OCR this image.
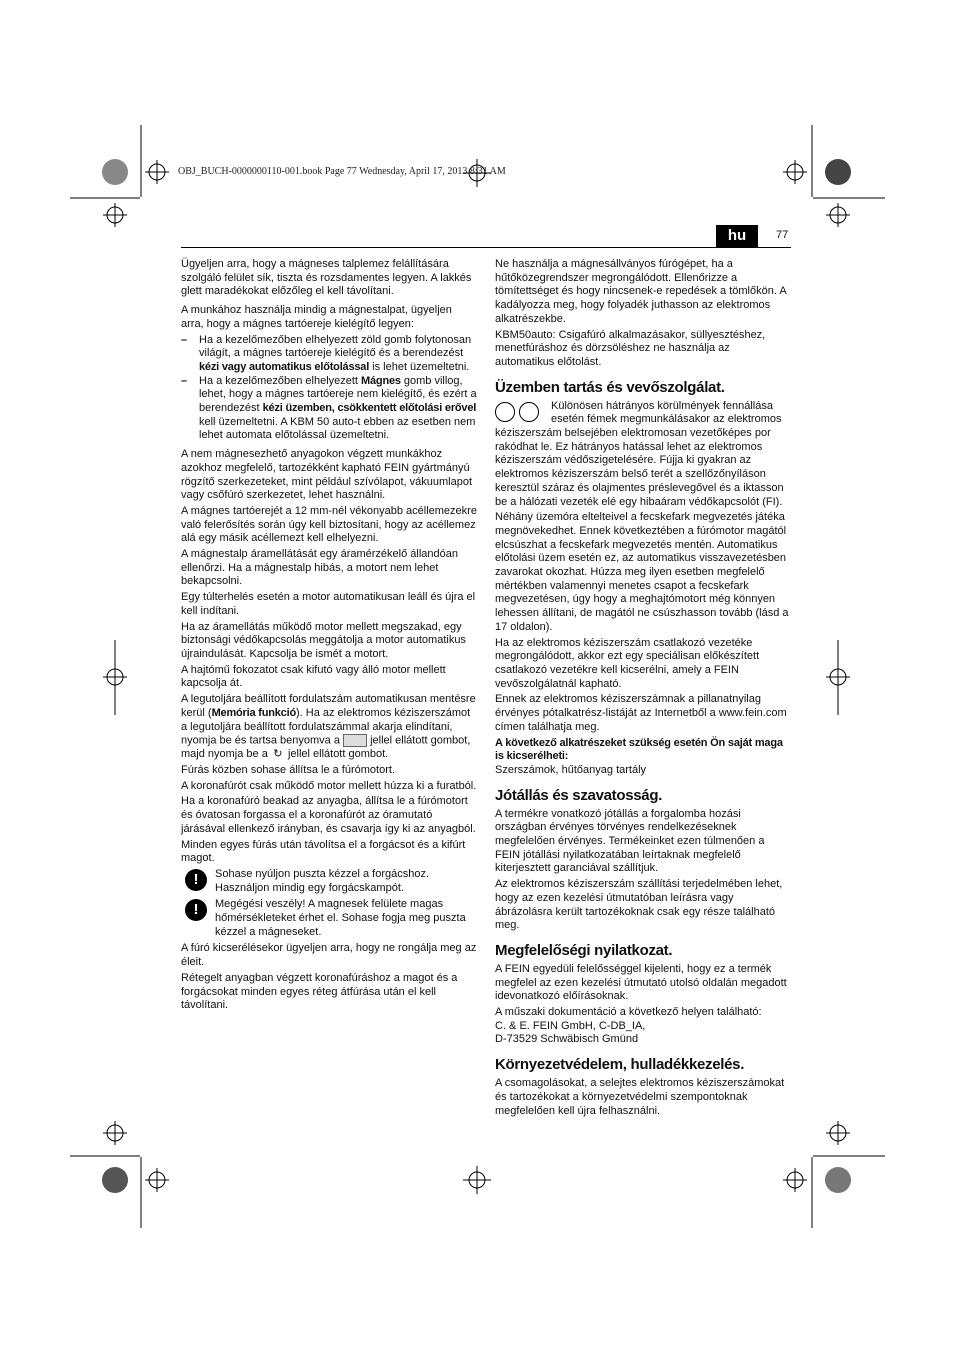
OBJ_BUCH-0000000110-001.book Page 77 Wednesday, April 17, 2013 8:31 AM
hu	77

Ügyeljen arra, hogy a mágneses talplemez felállítására szolgáló felület sík, tiszta és rozsdamentes legyen. A lakkés glett maradékokat előzőleg el kell távolítani.

A munkához használja mindig a mágnestalpat, ügyeljen arra, hogy a mágnes tartóereje kielégítő legyen:

– Ha a kezelőmezőben elhelyezett zöld gomb folytonosan világít, a mágnes tartóereje kielégítő és a berendezést kézi vagy automatikus előtolással is lehet üzemeltetni.
– Ha a kezelőmezőben elhelyezett Mágnes gomb villog, lehet, hogy a mágnes tartóereje nem kielégítő, és ezért a berendezést kézi üzemben, csökkentett előtolási erővel kell üzemeltetni. A KBM 50 auto-t ebben az esetben nem lehet automata előtolással üzemeltetni.

A nem mágnesezhető anyagokon végzett munkákhoz azokhoz megfelelő, tartozékként kapható FEIN gyártmányú rögzítő szerkezeteket, mint például szívólapot, vákuumlapot vagy csőfúró szerkezetet, lehet használni.

A mágnes tartóerejét a 12 mm-nél vékonyabb acéllemezekre való felerősítés során úgy kell biztosítani, hogy az acéllemez alá egy másik acéllemezt kell elhelyezni.

A mágnestalp áramellátását egy áramérzékelő állandóan ellenőrzi. Ha a mágnestalp hibás, a motort nem lehet bekapcsolni.

Egy túlterhelés esetén a motor automatikusan leáll és újra el kell indítani.

Ha az áramellátás működő motor mellett megszakad, egy biztonsági védőkapcsolás meggátolja a motor automatikus újraindulását. Kapcsolja be ismét a motort.

A hajtómű fokozatot csak kifutó vagy álló motor mellett kapcsolja át.

A legutoljára beállított fordulatszám automatikusan mentésre kerül (Memória funkció). Ha az elektromos kéziszerszámot a legutoljára beállított fordulatszámmal akarja elindítani, nyomja be és tartsa benyomva a  jellel ellátott gombot, majd nyomja be a ↻ jellel ellátott gombot.

Fúrás közben sohase állítsa le a fúrómotort.

A koronafúrót csak működő motor mellett húzza ki a furatból.

Ha a koronafúró beakad az anyagba, állítsa le a fúrómotort és óvatosan forgassa el a koronafúrót az óramutató járásával ellenkező irányban, és csavarja így ki az anyagból.

Minden egyes fúrás után távolítsa el a forgácsot és a kifúrt magot.

!	Sohase nyúljon puszta kézzel a forgácshoz. Használjon mindig egy forgácskampót.
!	Megégési veszély! A magnesek felülete magas hőmérsékleteket érhet el. Sohase fogja meg puszta kézzel a mágneseket.

A fúró kicserélésekor ügyeljen arra, hogy ne rongálja meg az éleit.

Rétegelt anyagban végzett koronafúráshoz a magot és a forgácsokat minden egyes réteg átfúrása után el kell távolítani.

Ne használja a mágnesállványos fúrógépet, ha a hűtőközegrendszer megrongálódott. Ellenőrizze a tömítettséget és hogy nincsenek-e repedések a tömlőkön. A kadályozza meg, hogy folyadék juthasson az elektromos alkatrészekbe.

KBM50auto: Csigafúró alkalmazásakor, süllyesztéshez, menetfúráshoz és dörzsöléshez ne használja az automatikus előtolást.

Üzemben tartás és vevőszolgálat.

Különösen hátrányos körülmények fennállása esetén fémek megmunkálásakor az elektromos kéziszerszám belsejében elektromosan vezetőképes por rakódhat le. Ez hátrányos hatással lehet az elektromos kéziszerszám védőszigetelésére. Fújja ki gyakran az elektromos kéziszerszám belső terét a szellőzőnyíláson keresztül száraz és olajmentes préslevegővel és a iktasson be a hálózati vezeték elé egy hibaáram védőkapcsolót (FI).

Néhány üzemóra eltelteivel a fecskefark megvezetés játéka megnövekedhet. Ennek következtében a fúrómotor magától elcsúszhat a fecskefark megvezetés mentén. Automatikus előtolási üzem esetén ez, az automatikus visszavezetésben zavarokat okozhat. Húzza meg ilyen esetben megfelelő mértékben valamennyi menetes csapot a fecskefark megvezetésen, úgy hogy a meghajtómotort még könnyen lehessen állítani, de magától ne csúszhasson tovább (lásd a 17 oldalon).

Ha az elektromos kéziszerszám csatlakozó vezetéke megrongálódott, akkor ezt egy speciálisan előkészített csatlakozó vezetékre kell kicserélni, amely a FEIN vevőszolgálatnál kapható.

Ennek az elektromos kéziszerszámnak a pillanatnyilag érvényes pótalkatrész-listáját az Internetből a www.fein.com címen találhatja meg.

A következő alkatrészeket szükség esetén Ön saját maga is kicserélheti:

Szerszámok, hűtőanyag tartály

Jótállás és szavatosság.

A termékre vonatkozó jótállás a forgalomba hozási országban érvényes törvényes rendelkezéseknek megfelelően érvényes. Termékeinket ezen túlmenően a FEIN jótállási nyilatkozatában leírtaknak megfelelő kiterjesztett garanciával szállítjuk.

Az elektromos kéziszerszám szállítási terjedelmében lehet, hogy az ezen kezelési útmutatóban leírásra vagy ábrázolásra került tartozékoknak csak egy része található meg.

Megfelelőségi nyilatkozat.

A FEIN egyedüli felelősséggel kijelenti, hogy ez a termék megfelel az ezen kezelési útmutató utolsó oldalán megadott idevonatkozó előírásoknak.

A műszaki dokumentáció a következő helyen található:

C. & E. FEIN GmbH, C-DB_IA,

D-73529 Schwäbisch Gmünd

Környezetvédelem, hulladékkezelés.

A csomagolásokat, a selejtes elektromos kéziszerszámokat és tartozékokat a környezetvédelmi szempontoknak megfelelően kell újra felhasználni.
